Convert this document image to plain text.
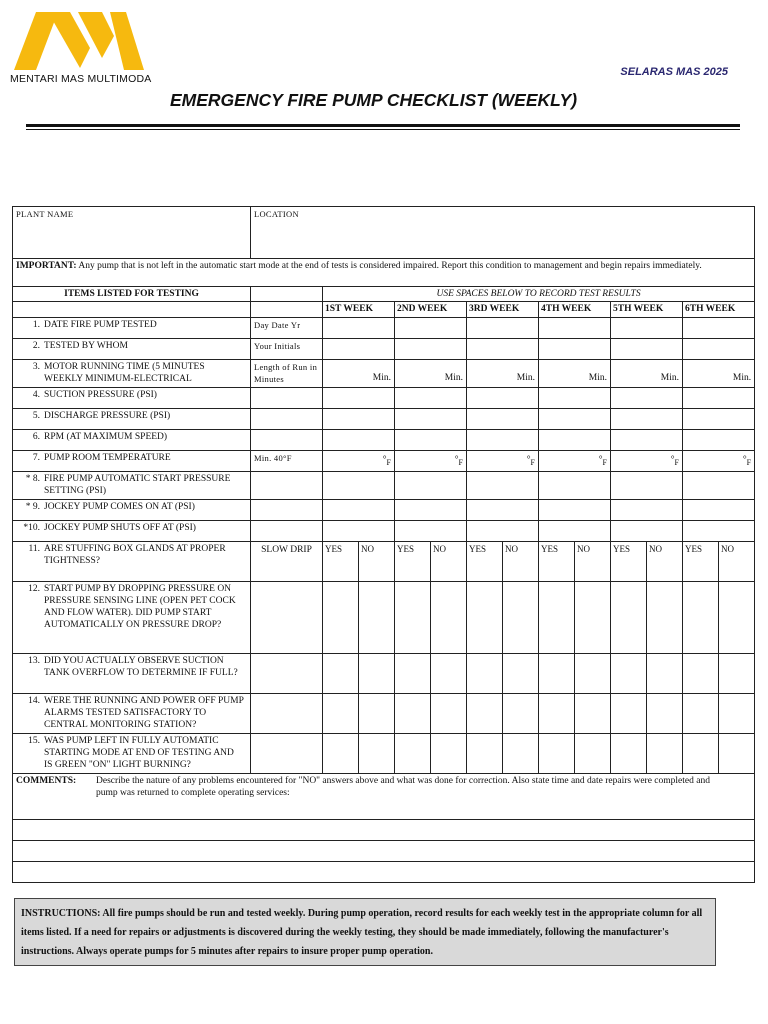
MENTARI MAS MULTIMODA
SELARAS MAS 2025
EMERGENCY FIRE PUMP CHECKLIST (WEEKLY)
PLANT NAME	LOCATION												
IMPORTANT: Any pump that is not left in the automatic start mode at the end of tests is considered impaired. Report this condition to management and begin repairs immediately.													
ITEMS LISTED FOR TESTING		USE SPACES BELOW TO RECORD TEST RESULTS											
		1ST WEEK		2ND WEEK		3RD WEEK		4TH WEEK		5TH WEEK		6TH WEEK	
1. DATE FIRE PUMP TESTED	Day Date Yr												
2. TESTED BY WHOM	Your Initials												
3. MOTOR RUNNING TIME (5 MINUTES WEEKLY MINIMUM-ELECTRICAL	Length of Run in Minutes	Min.		Min.		Min.		Min.		Min.		Min.	

4. SUCTION PRESSURE (PSI)													
5. DISCHARGE PRESSURE (PSI)													
6. RPM (AT MAXIMUM SPEED)													
7. PUMP ROOM TEMPERATURE	Min. 40°F	$^\circ_F$		$^\circ_F$		$^\circ_F$		$^\circ_F$		$^\circ_F$		$^\circ_F$
* 8. FIRE PUMP AUTOMATIC START PRESSURE SETTING (PSI)													
* 9. JOCKEY PUMP COMES ON AT (PSI)													
*10. JOCKEY PUMP SHUTS OFF AT (PSI)													
11. ARE STUFFING BOX GLANDS AT PROPER TIGHTNESS?	SLOW DRIP	YES	NO	YES	NO	YES	NO	YES	NO	YES	NO	YES	NO
12. START PUMP BY DROPPING PRESSURE ON PRESSURE SENSING LINE (OPEN PET COCK AND FLOW WATER). DID PUMP START AUTOMATICALLY ON PRESSURE DROP?													
13. DID YOU ACTUALLY OBSERVE SUCTION TANK OVERFLOW TO DETERMINE IF FULL?													
14. WERE THE RUNNING AND POWER OFF PUMP ALARMS TESTED SATISFACTORY TO CENTRAL MONITORING STATION?													
15. WAS PUMP LEFT IN FULLY AUTOMATIC STARTING MODE AT END OF TESTING AND IS GREEN "ON" LIGHT BURNING?													
COMMENTS: Describe the nature of any problems encountered for "NO" answers above and what was done for correction. Also state time and date repairs were completed and pump was returned to complete operating services:													

INSTRUCTIONS: All fire pumps should be run and tested weekly. During pump operation, record results for each weekly test in the appropriate column for all items listed. If a need for repairs or adjustments is discovered during the weekly testing, they should be made immediately, following the manufacturer's instructions. Always operate pumps for 5 minutes after repairs to insure proper pump operation.
